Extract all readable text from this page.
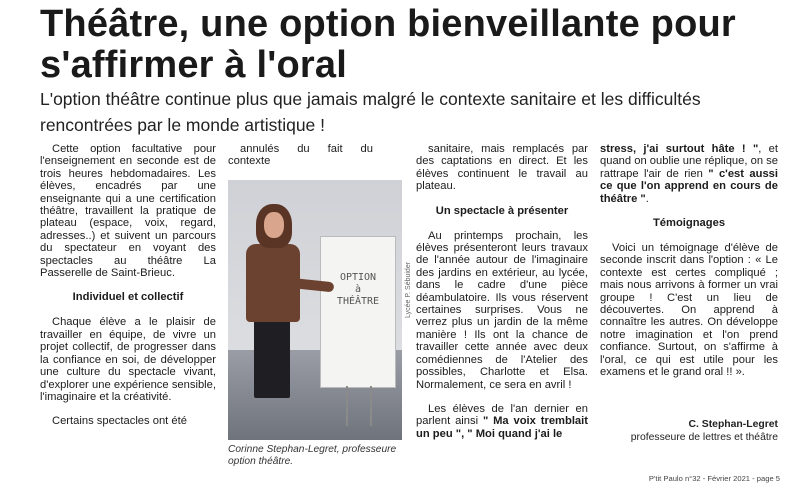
Théâtre, une option bienveillante pour s'affirmer à l'oral
L'option théâtre continue plus que jamais malgré le contexte sanitaire et les difficultés rencontrées par le monde artistique !

Cette option facultative pour l'enseignement en seconde est de trois heures hebdomadaires. Les élèves, encadrés par une enseignante qui a une certification théâtre, travaillent la pratique de plateau (espace, voix, regard, adresses..) et suivent un parcours du spectateur en voyant des spectacles au théâtre La Passerelle de Saint-Brieuc.

Individuel et collectif

Chaque élève a le plaisir de travailler en équipe, de vivre un projet collectif, de progresser dans la confiance en soi, de développer une culture du spectacle vivant, d'explorer une expérience sensible, l'imaginaire et la créativité.

Certains spectacles ont été

annulés du fait du contexte

OPTION
à
THÉÂTRE	Lycée P. Sébuider
Corinne Stephan-Legret, professeure option théâtre.

sanitaire, mais remplacés par des captations en direct. Et les élèves continuent le travail au plateau.

Un spectacle à présenter

Au printemps prochain, les élèves présenteront leurs travaux de l'année autour de l'imaginaire des jardins en extérieur, au lycée, dans le cadre d'une pièce déambulatoire. Ils vous réservent certaines surprises. Vous ne verrez plus un jardin de la même manière ! Ils ont la chance de travailler cette année avec deux comédiennes de l'Atelier des possibles, Charlotte et Elsa. Normalement, ce sera en avril !

Les élèves de l'an dernier en parlent ainsi " Ma voix tremblait un peu ", " Moi quand j'ai le

stress, j'ai surtout hâte ! ", et quand on oublie une réplique, on se rattrape l'air de rien " c'est aussi ce que l'on apprend en cours de théâtre ".

Témoignages

Voici un témoignage d'élève de seconde inscrit dans l'option : « Le contexte est certes compliqué ; mais nous arrivons à former un vrai groupe ! C'est un lieu de découvertes. On apprend à connaître les autres. On développe notre imagination et l'on prend confiance. Surtout, on s'affirme à l'oral, ce qui est utile pour les examens et le grand oral !! ».

C. Stephan-Legret
professeure de lettres et théâtre
P'tit Paulo n°32 - Février 2021 - page 5
